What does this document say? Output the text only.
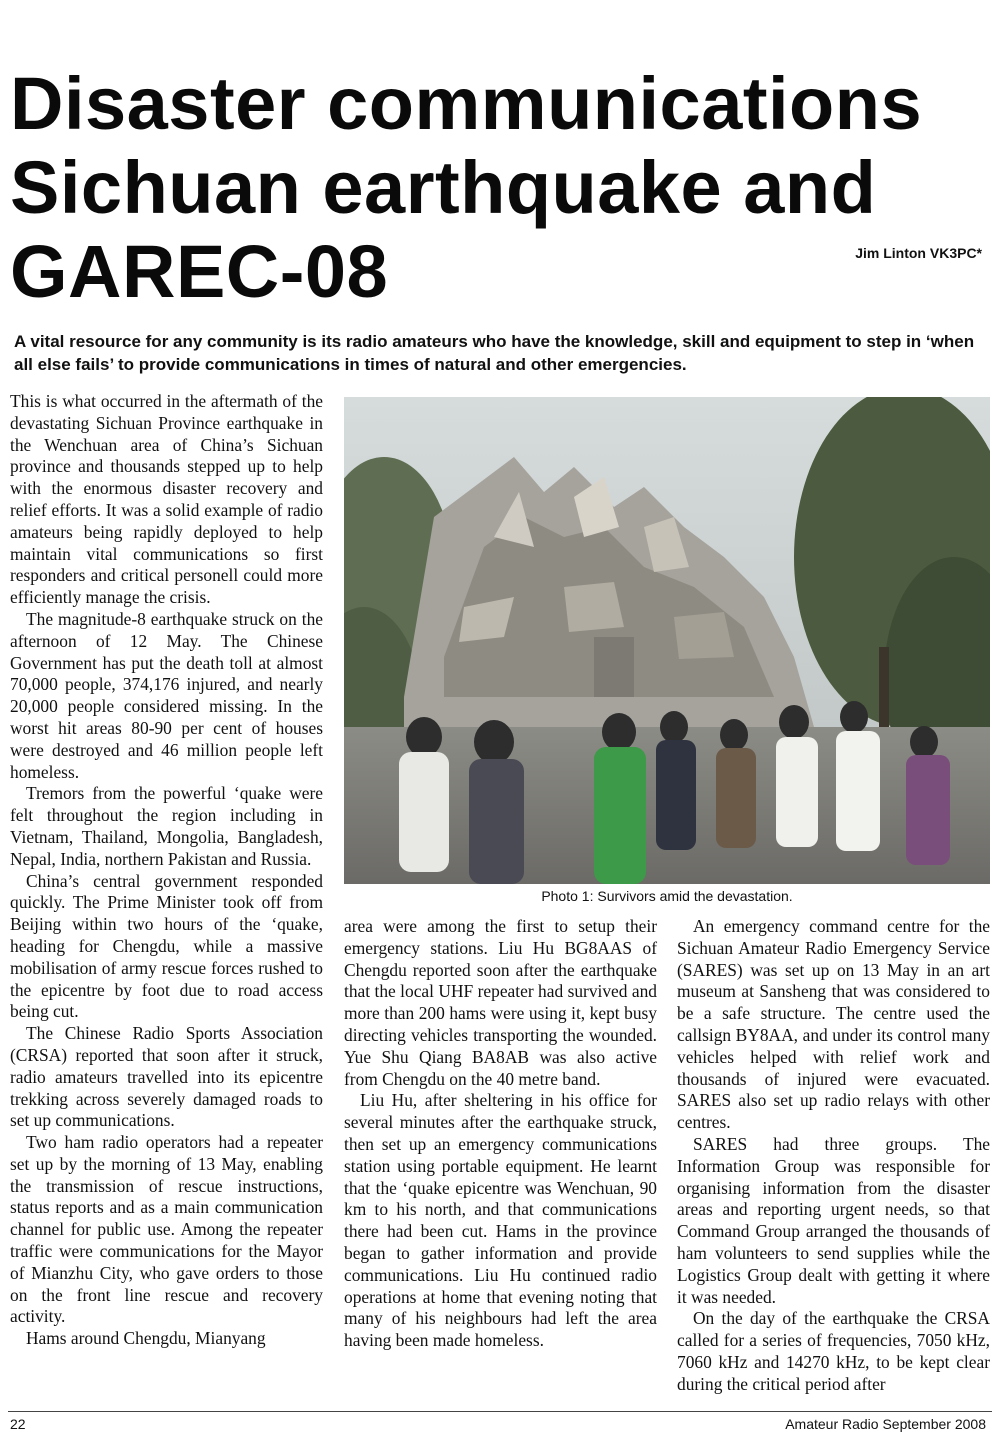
Disaster communications
Sichuan earthquake and
GAREC-08	Jim Linton VK3PC*
A vital resource for any community is its radio amateurs who have the knowledge, skill and equipment to step in ‘when all else fails’ to provide communications in times of natural and other emergencies.

This is what occurred in the aftermath of the devastating Sichuan Province earthquake in the Wenchuan area of China’s Sichuan province and thousands stepped up to help with the enormous disaster recovery and relief efforts. It was a solid example of radio amateurs being rapidly deployed to help maintain vital communications so first responders and critical personell could more efficiently manage the crisis.

The magnitude-8 earthquake struck on the afternoon of 12 May. The Chinese Government has put the death toll at almost 70,000 people, 374,176 injured, and nearly 20,000 people considered missing. In the worst hit areas 80-90 per cent of houses were destroyed and 46 million people left homeless.

Tremors from the powerful ‘quake were felt throughout the region including in Vietnam, Thailand, Mongolia, Bangladesh, Nepal, India, northern Pakistan and Russia.

China’s central government responded quickly. The Prime Minister took off from Beijing within two hours of the ‘quake, heading for Chengdu, while a massive mobilisation of army rescue forces rushed to the epicentre by foot due to road access being cut.

The Chinese Radio Sports Association (CRSA) reported that soon after it struck, radio amateurs travelled into its epicentre trekking across severely damaged roads to set up communications.

Two ham radio operators had a repeater set up by the morning of 13 May, enabling the transmission of rescue instructions, status reports and as a main communication channel for public use. Among the repeater traffic were communications for the Mayor of Mianzhu City, who gave orders to those on the front line rescue and recovery activity.

Hams around Chengdu, Mianyang

Photo 1: Survivors amid the devastation.

area were among the first to setup their emergency stations. Liu Hu BG8AAS of Chengdu reported soon after the earthquake that the local UHF repeater had survived and more than 200 hams were using it, kept busy directing vehicles transporting the wounded. Yue Shu Qiang BA8AB was also active from Chengdu on the 40 metre band.

Liu Hu, after sheltering in his office for several minutes after the earthquake struck, then set up an emergency communications station using portable equipment. He learnt that the ‘quake epicentre was Wenchuan, 90 km to his north, and that communications there had been cut. Hams in the province began to gather information and provide communications. Liu Hu continued radio operations at home that evening noting that many of his neighbours had left the area having been made homeless.

An emergency command centre for the Sichuan Amateur Radio Emergency Service (SARES) was set up on 13 May in an art museum at Sansheng that was considered to be a safe structure. The centre used the callsign BY8AA, and under its control many vehicles helped with relief work and thousands of injured were evacuated. SARES also set up radio relays with other centres.

SARES had three groups. The Information Group was responsible for organising information from the disaster areas and reporting urgent needs, so that Command Group arranged the thousands of ham volunteers to send supplies while the Logistics Group dealt with getting it where it was needed.

On the day of the earthquake the CRSA called for a series of frequencies, 7050 kHz, 7060 kHz and 14270 kHz, to be kept clear during the critical period after

22	Amateur Radio September 2008
